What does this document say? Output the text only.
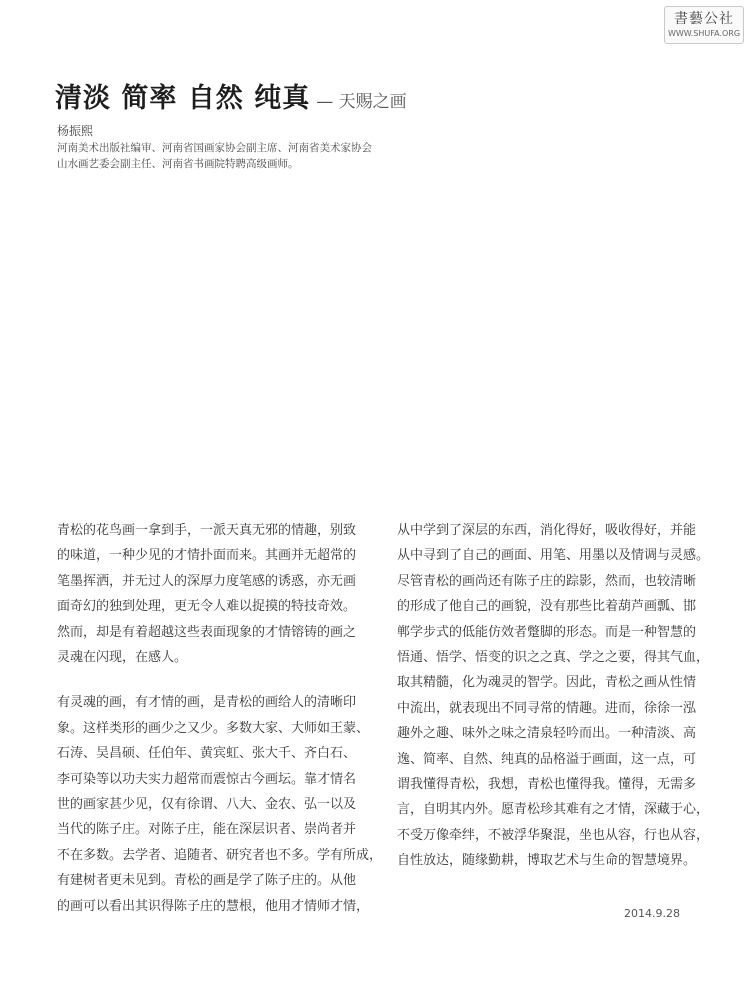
書藝公社
WWW.SHUFA.ORG
清淡 简率 自然 纯真 — 天赐之画
杨振熙
河南美术出版社编审、河南省国画家协会副主席、河南省美术家协会
山水画艺委会副主任、河南省书画院特聘高级画师。

青松的花鸟画一拿到手，一派天真无邪的情趣，别致
的味道，一种少见的才情扑面而来。其画并无超常的
笔墨挥洒，并无过人的深厚力度笔感的诱惑，亦无画
面奇幻的独到处理，更无令人难以捉摸的特技奇效。
然而，却是有着超越这些表面现象的才情镕铸的画之
灵魂在闪现，在感人。

有灵魂的画，有才情的画，是青松的画给人的清晰印
象。这样类形的画少之又少。多数大家、大师如王蒙、
石涛、吴昌硕、任伯年、黄宾虹、张大千、齐白石、
李可染等以功夫实力超常而震惊古今画坛。靠才情名
世的画家甚少见，仅有徐谓、八大、金农、弘一以及
当代的陈子庄。对陈子庄，能在深层识者、崇尚者并
不在多数。去学者、追随者、研究者也不多。学有所成，
有建树者更未见到。青松的画是学了陈子庄的。从他
的画可以看出其识得陈子庄的慧根，他用才情师才情，

从中学到了深层的东西，消化得好，吸收得好，并能
从中寻到了自己的画面、用笔、用墨以及情调与灵感。
尽管青松的画尚还有陈子庄的踪影，然而，也较清晰
的形成了他自己的画貌，没有那些比着葫芦画瓢、邯
郸学步式的低能仿效者蹩脚的形态。而是一种智慧的
悟通、悟学、悟变的识之之真、学之之要，得其气血，
取其精髓，化为魂灵的智学。因此，青松之画从性情
中流出，就表现出不同寻常的情趣。进而，徐徐一泓
趣外之趣、味外之味之清泉轻吟而出。一种清淡、高
逸、简率、自然、纯真的品格溢于画面，这一点，可
谓我懂得青松，我想，青松也懂得我。懂得，无需多
言，自明其内外。愿青松珍其难有之才情，深藏于心，
不受万像牵绊，不被浮华聚混，坐也从容，行也从容，
自性放达，随缘勤耕，博取艺术与生命的智慧境界。

2014.9.28
